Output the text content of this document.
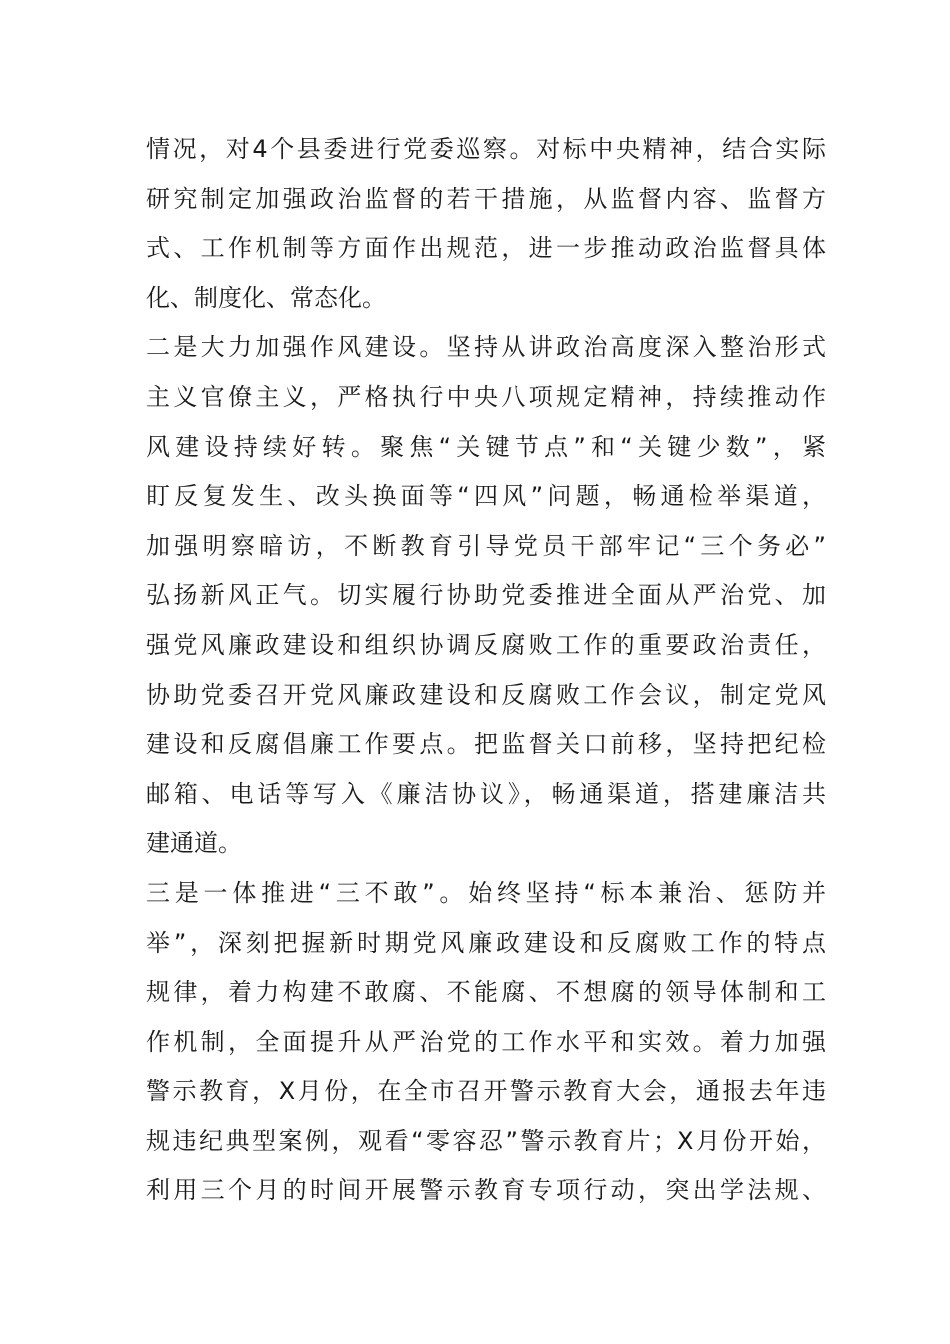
情况，对4个县委进行党委巡察。对标中央精神，结合实际
研究制定加强政治监督的若干措施，从监督内容、监督方
式、工作机制等方面作出规范，进一步推动政治监督具体
化、制度化、常态化。
二是大力加强作风建设。坚持从讲政治高度深入整治形式
主义官僚主义，严格执行中央八项规定精神，持续推动作
风建设持续好转。聚焦“关键节点”和“关键少数”，紧
盯反复发生、改头换面等“四风”问题，畅通检举渠道，
加强明察暗访，不断教育引导党员干部牢记“三个务必”
弘扬新风正气。切实履行协助党委推进全面从严治党、加
强党风廉政建设和组织协调反腐败工作的重要政治责任，
协助党委召开党风廉政建设和反腐败工作会议，制定党风
建设和反腐倡廉工作要点。把监督关口前移，坚持把纪检
邮箱、电话等写入《廉洁协议》，畅通渠道，搭建廉洁共
建通道。
三是一体推进“三不敢”。始终坚持“标本兼治、惩防并
举”，深刻把握新时期党风廉政建设和反腐败工作的特点
规律，着力构建不敢腐、不能腐、不想腐的领导体制和工
作机制，全面提升从严治党的工作水平和实效。着力加强
警示教育，X月份，在全市召开警示教育大会，通报去年违
规违纪典型案例，观看“零容忍”警示教育片；X月份开始，
利用三个月的时间开展警示教育专项行动，突出学法规、
